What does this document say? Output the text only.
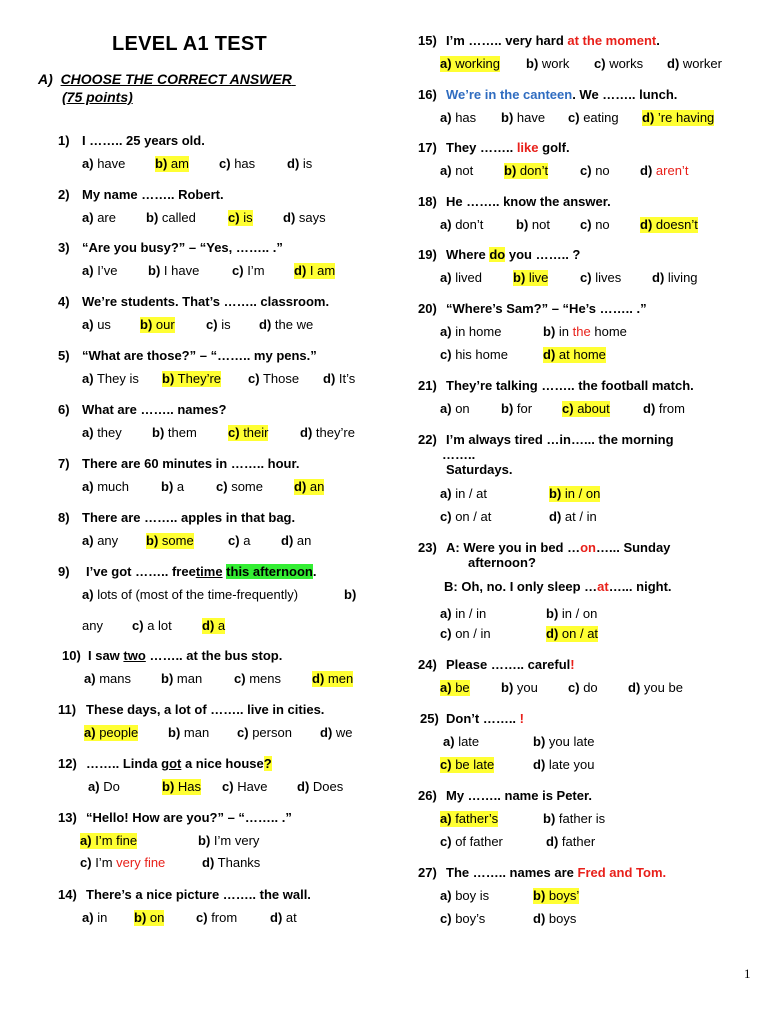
LEVEL A1 TEST
A) CHOOSE THE CORRECT ANSWER
(75 points)
1) I …….. 25 years old.
a) have b) am c) has d) is
2) My name …….. Robert.
a) are b) called c) is d) says
3) “Are you busy?” – “Yes, …….. .”
a) I’ve b) I have	c) I’m d) I am
4) We’re students. That’s …….. classroom.
a) us b) our c) is d) the we
5) “What are those?” – “…….. my pens.”
a) They is b) They’re c) Those d) It’s
6) What are …….. names?
a) they b) them c) their d) they’re
7) There are 60 minutes in …….. hour.
a) much b) a c) some d) an
8) There are …….. apples in that bag.
a) any b) some	c) a d) an
9) I’ve got …….. freetime this afternoon.
a) lots of (most of the time-frequently)	b)
any c) a lot d) a
10) I saw two …….. at the bus stop.
a) mans b) man c) mens d) men
11) These days, a lot of …….. live in cities.
a) people b) man c) person d) we
12) …….. Linda got a nice house?
a) Do	b) Has c) Have d) Does
13) “Hello! How are you?” – “…….. .”
a) I’m fine	b) I’m very
c) I’m very fine	d) Thanks
14) There’s a nice picture …….. the wall.
a) in b) on c) from	d) at
15) I’m …….. very hard at the moment.
a) working b) work c) works d) worker
16) We’re in the canteen. We …….. lunch.
a) has b) have c) eating d) ’re having
17) They …….. like golf.
a) not b) don’t c) no d) aren’t
18) He …….. know the answer.
a) don’t	b) not c) no d) doesn’t
19) Where do you …….. ?
a) lived b) live c) lives d) living
20) “Where’s Sam?” – “He’s …….. .”
a) in home	b) in the home
c) his home	d) at home
21) They’re talking …….. the football match.
a) on b) for c) about	d) from
22) I’m always tired …in…... the morning
……..
Saturdays.
a) in / at	b) in / on
c) on / at	d) at / in
23) A: Were you in bed …on…... Sunday
afternoon?
B: Oh, no. I only sleep …at…... night.
a) in / in	b) in / on
c) on / in	d) on / at
24) Please …….. careful!
a) be b) you c) do d) you be
25) Don’t …….. !
a) late	b) you late
c) be late	d) late you
26) My …….. name is Peter.
a) father’s	b) father is
c) of father	d) father
27) The …….. names are Fred and Tom.
a) boy is	b) boys’
c) boy’s	d) boys
1
